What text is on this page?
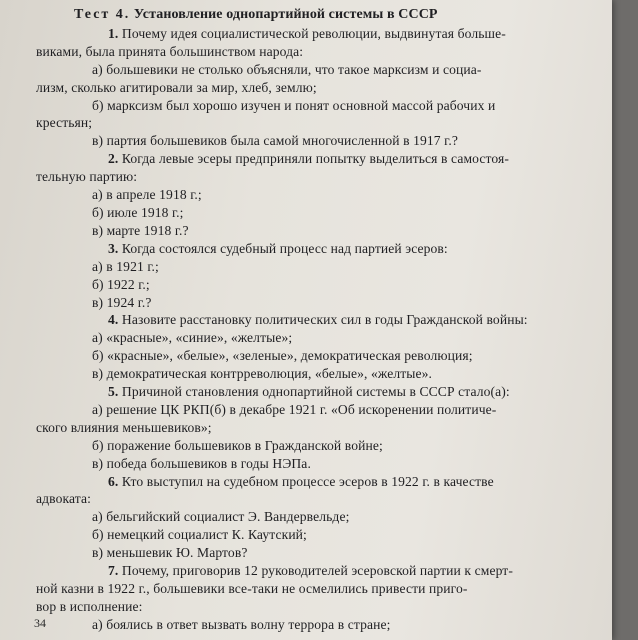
Тест 4. Установление однопартийной системы в СССР

1. Почему идея социалистической революции, выдвинутая больше-

виками, была принята большинством народа:

а) большевики не столько объясняли, что такое марксизм и социа-

лизм, сколько агитировали за мир, хлеб, землю;

б) марксизм был хорошо изучен и понят основной массой рабочих и

крестьян;

в) партия большевиков была самой многочисленной в 1917 г.?

2. Когда левые эсеры предприняли попытку выделиться в самостоя-

тельную партию:

а) в апреле 1918 г.;

б) июле 1918 г.;

в) марте 1918 г.?

3. Когда состоялся судебный процесс над партией эсеров:

а) в 1921 г.;

б) 1922 г.;

в) 1924 г.?

4. Назовите расстановку политических сил в годы Гражданской войны:

а) «красные», «синие», «желтые»;

б) «красные», «белые», «зеленые», демократическая революция;

в) демократическая контрреволюция, «белые», «желтые».

5. Причиной становления однопартийной системы в СССР стало(а):

а) решение ЦК РКП(б) в декабре 1921 г. «Об искоренении политиче-

ского влияния меньшевиков»;

б) поражение большевиков в Гражданской войне;

в) победа большевиков в годы НЭПа.

6. Кто выступил на судебном процессе эсеров в 1922 г. в качестве

адвоката:

а) бельгийский социалист Э. Вандервельде;

б) немецкий социалист К. Каутский;

в) меньшевик Ю. Мартов?

7. Почему, приговорив 12 руководителей эсеровской партии к смерт-

ной казни в 1922 г., большевики все-таки не осмелились привести приго-

вор в исполнение:

а) боялись в ответ вызвать волну террора в стране;

34
